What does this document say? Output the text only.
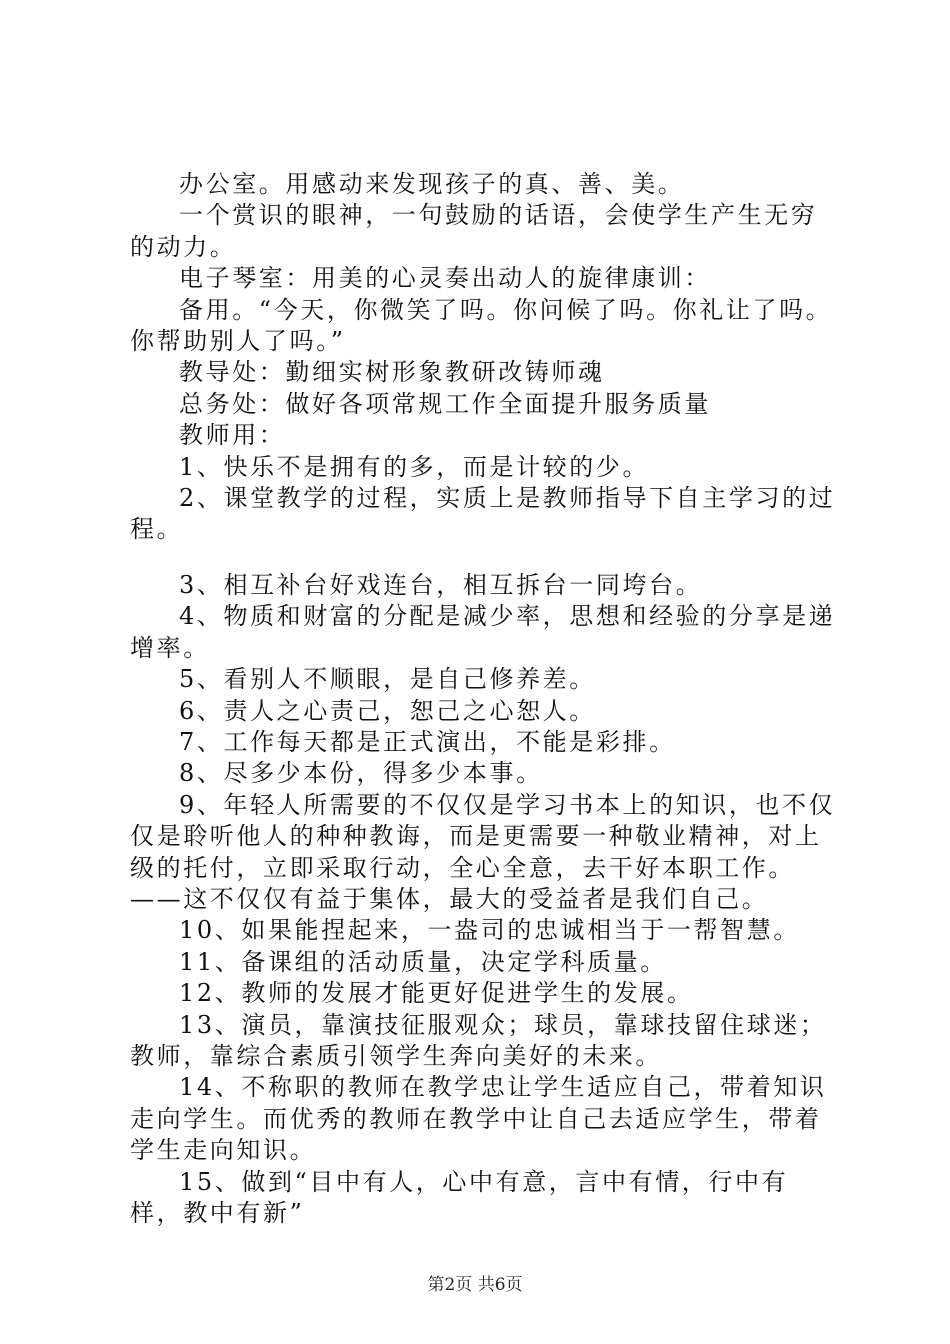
办公室。用感动来发现孩子的真、善、美。

一个赏识的眼神，一句鼓励的话语，会使学生产生无穷的动力。

电子琴室：用美的心灵奏出动人的旋律康训：

备用。“今天，你微笑了吗。你问候了吗。你礼让了吗。你帮助别人了吗。”

教导处：勤细实树形象教研改铸师魂

总务处：做好各项常规工作全面提升服务质量

教师用：

1、快乐不是拥有的多，而是计较的少。

2、课堂教学的过程，实质上是教师指导下自主学习的过程。

3、相互补台好戏连台，相互拆台一同垮台。

4、物质和财富的分配是减少率，思想和经验的分享是递增率。

5、看别人不顺眼，是自己修养差。

6、责人之心责己，恕己之心恕人。

7、工作每天都是正式演出，不能是彩排。

8、尽多少本份，得多少本事。

9、年轻人所需要的不仅仅是学习书本上的知识，也不仅仅是聆听他人的种种教诲，而是更需要一种敬业精神，对上级的托付，立即采取行动，全心全意，去干好本职工作。——这不仅仅有益于集体，最大的受益者是我们自己。

10、如果能捏起来，一盎司的忠诚相当于一帮智慧。

11、备课组的活动质量，决定学科质量。

12、教师的发展才能更好促进学生的发展。

13、演员，靠演技征服观众；球员，靠球技留住球迷；教师，靠综合素质引领学生奔向美好的未来。

14、不称职的教师在教学忠让学生适应自己，带着知识走向学生。而优秀的教师在教学中让自己去适应学生，带着学生走向知识。

15、做到“目中有人，心中有意，言中有情，行中有样，教中有新”

第2页 共6页
